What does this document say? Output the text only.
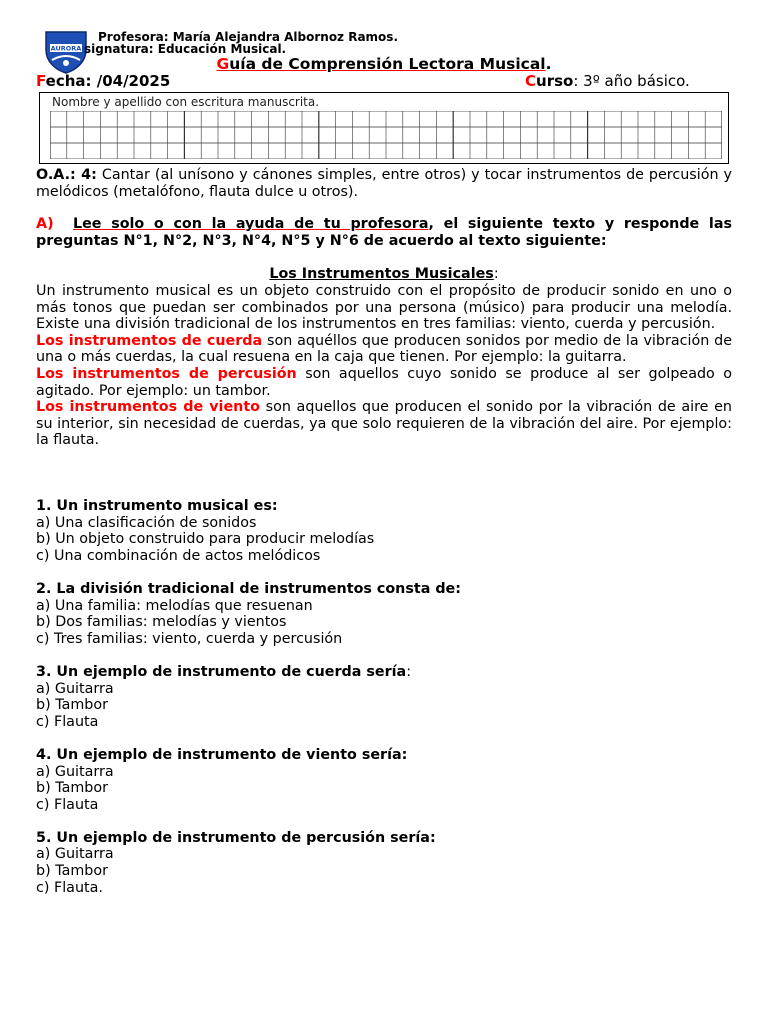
AURORA
Profesora: María Alejandra Albornoz Ramos.
signatura: Educación Musical.
Guía de Comprensión Lectora Musical.
Fecha: /04/2025	Curso: 3º año básico.
Nombre y apellido con escritura manuscrita.
O.A.: 4: Cantar (al unísono y cánones simples, entre otros) y tocar instrumentos de percusión y melódicos (metalófono, flauta dulce u otros).
A) Lee solo o con la ayuda de tu profesora, el siguiente texto y responde las preguntas N°1, N°2, N°3, N°4, N°5 y N°6 de acuerdo al texto siguiente:
Los Instrumentos Musicales:
Un instrumento musical es un objeto construido con el propósito de producir sonido en uno o más tonos que puedan ser combinados por una persona (músico) para producir una melodía. Existe una división tradicional de los instrumentos en tres familias: viento, cuerda y percusión.
Los instrumentos de cuerda son aquéllos que producen sonidos por medio de la vibración de una o más cuerdas, la cual resuena en la caja que tienen. Por ejemplo: la guitarra.
Los instrumentos de percusión son aquellos cuyo sonido se produce al ser golpeado o agitado. Por ejemplo: un tambor.
Los instrumentos de viento son aquellos que producen el sonido por la vibración de aire en su interior, sin necesidad de cuerdas, ya que solo requieren de la vibración del aire. Por ejemplo: la flauta.
1. Un instrumento musical es:
a) Una clasificación de sonidos
b) Un objeto construido para producir melodías
c) Una combinación de actos melódicos
2. La división tradicional de instrumentos consta de:
a) Una familia: melodías que resuenan
b) Dos familias: melodías y vientos
c) Tres familias: viento, cuerda y percusión
3. Un ejemplo de instrumento de cuerda sería:
a) Guitarra
b) Tambor
c) Flauta
4. Un ejemplo de instrumento de viento sería:
a) Guitarra
b) Tambor
c) Flauta
5. Un ejemplo de instrumento de percusión sería:
a) Guitarra
b) Tambor
c) Flauta.
